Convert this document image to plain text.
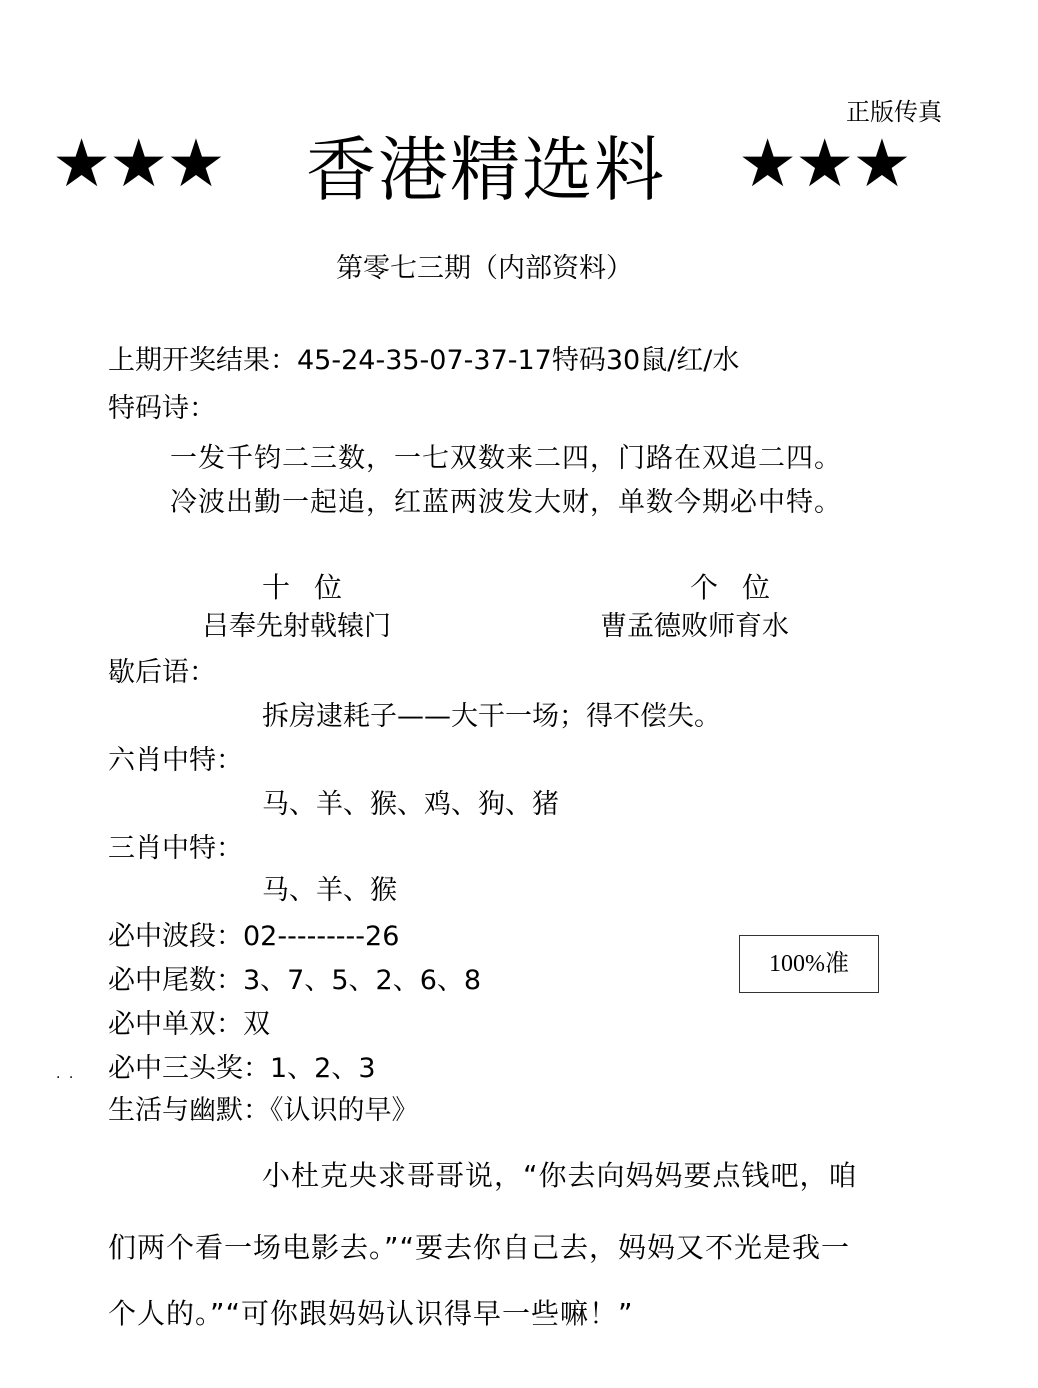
正版传真
★★★ 香港精选料 ★★★
第零七三期（内部资料）
上期开奖结果：45-24-35-07-37-17特码30鼠/红/水
特码诗：
一发千钧二三数，一七双数来二四，门路在双追二四。
冷波出勤一起追，红蓝两波发大财，单数今期必中特。
十位	个位
吕奉先射戟辕门	曹孟德败师育水
歇后语：
拆房逮耗子——大干一场；得不偿失。
六肖中特：
马、羊、猴、鸡、狗、猪
三肖中特：
马、羊、猴
必中波段：02---------26
必中尾数：3、7、5、2、6、8
必中单双：双
必中三头奖：1、2、3
生活与幽默：《认识的早》
100%准
· ·
小杜克央求哥哥说，“你去向妈妈要点钱吧，咱
们两个看一场电影去。”“要去你自己去，妈妈又不光是我一
个人的。”“可你跟妈妈认识得早一些嘛！”
